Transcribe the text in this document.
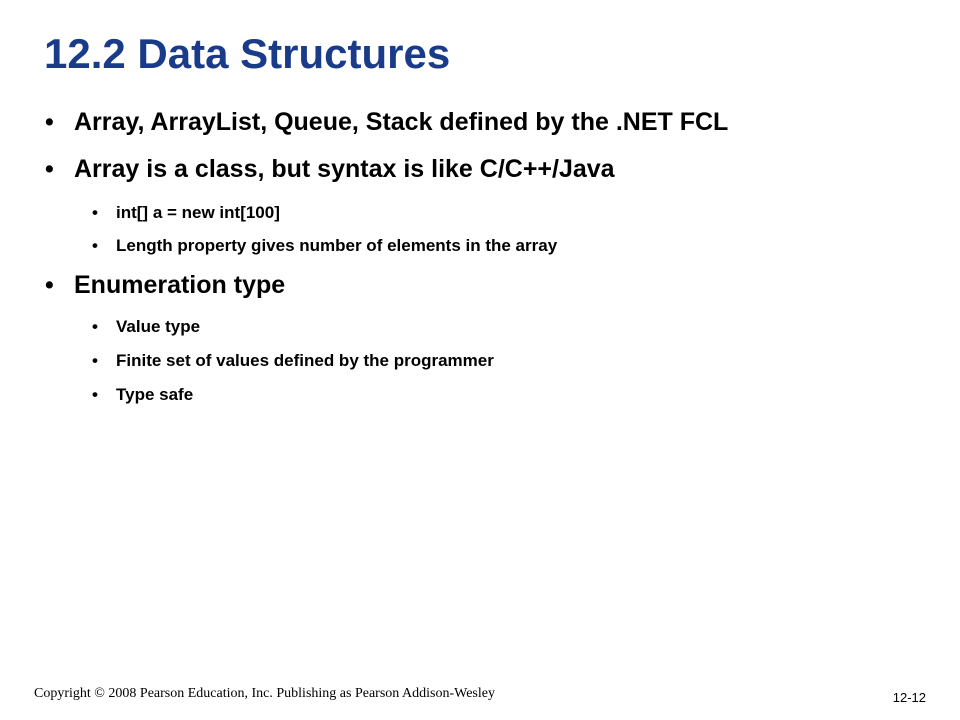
12.2 Data Structures
• Array, ArrayList, Queue, Stack defined by the .NET FCL
• Array is a class, but syntax is like C/C++/Java
• int[] a = new int[100]
• Length property gives number of elements in the array
• Enumeration type
• Value type
• Finite set of values defined by the programmer
• Type safe
Copyright © 2008 Pearson Education, Inc. Publishing as Pearson Addison-Wesley	12-12
